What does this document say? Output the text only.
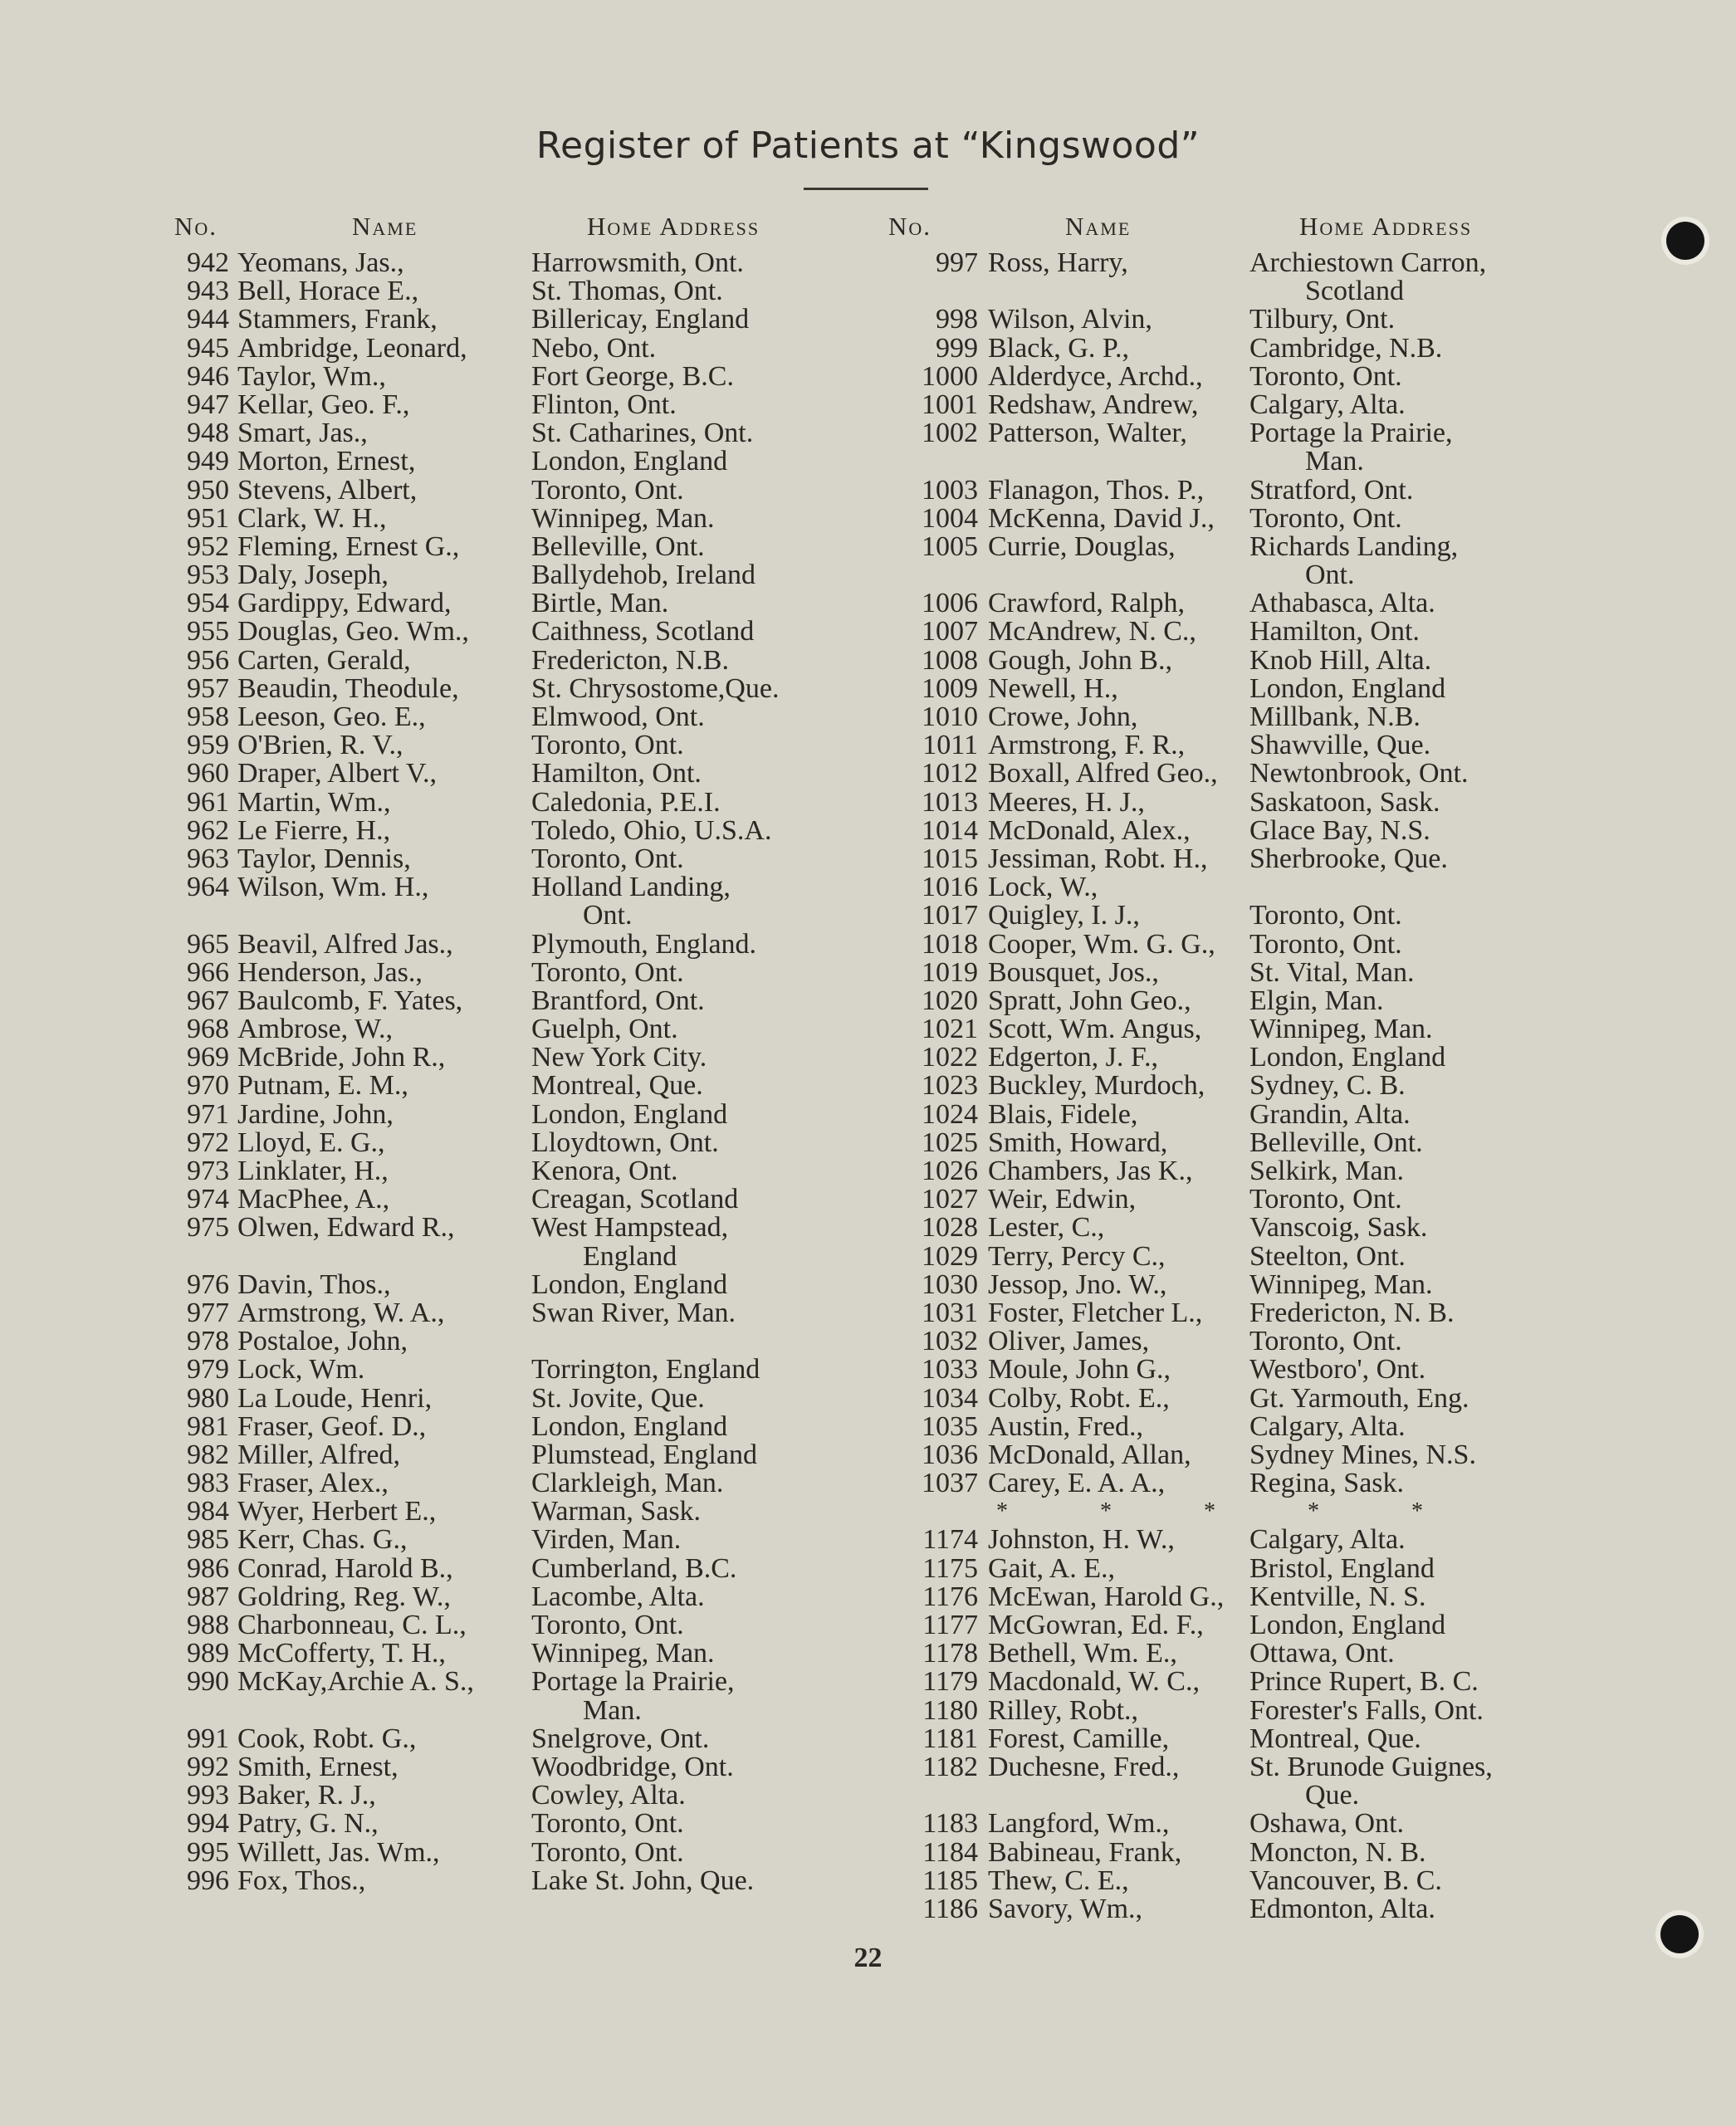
Register of Patients at “Kingswood”
No.	Name	Home Address	No.	Name	Home Address
942 Yeomans, Jas.,	Harrowsmith, Ont.
943 Bell, Horace E.,	St. Thomas, Ont.
944 Stammers, Frank,	Billericay, England
945 Ambridge, Leonard, Nebo, Ont.
946 Taylor, Wm.,	Fort George, B.C.
947 Kellar, Geo. F.,	Flinton, Ont.
948 Smart, Jas.,	St. Catharines, Ont.
949 Morton, Ernest,	London, England
950 Stevens, Albert,	Toronto, Ont.
951 Clark, W. H.,	Winnipeg, Man.
952 Fleming, Ernest G.,	Belleville, Ont.
953 Daly, Joseph,	Ballydehob, Ireland
954 Gardippy, Edward,	Birtle, Man.
955 Douglas, Geo. Wm., Caithness, Scotland
956 Carten, Gerald,	Fredericton, N.B.
957 Beaudin, Theodule,	St. Chrysostome,Que.
958 Leeson, Geo. E.,	Elmwood, Ont.
959 O'Brien, R. V.,	Toronto, Ont.
960 Draper, Albert V.,	Hamilton, Ont.
961 Martin, Wm.,	Caledonia, P.E.I.
962 Le Fierre, H.,	Toledo, Ohio, U.S.A.
963 Taylor, Dennis,	Toronto, Ont.
964 Wilson, Wm. H.,	Holland Landing,
Ont.
965 Beavil, Alfred Jas.,	Plymouth, England.
966 Henderson, Jas.,	Toronto, Ont.
967 Baulcomb, F. Yates, Brantford, Ont.
968 Ambrose, W.,	Guelph, Ont.
969 McBride, John R.,	New York City.
970 Putnam, E. M.,	Montreal, Que.
971 Jardine, John,	London, England
972 Lloyd, E. G.,	Lloydtown, Ont.
973 Linklater, H.,	Kenora, Ont.
974 MacPhee, A.,	Creagan, Scotland
975 Olwen, Edward R.,	West Hampstead,
England
976 Davin, Thos.,	London, England
977 Armstrong, W. A.,	Swan River, Man.
978 Postaloe, John,
979 Lock, Wm.	Torrington, England
980 La Loude, Henri,	St. Jovite, Que.
981 Fraser, Geof. D.,	London, England
982 Miller, Alfred,	Plumstead, England
983 Fraser, Alex.,	Clarkleigh, Man.
984 Wyer, Herbert E.,	Warman, Sask.
985 Kerr, Chas. G.,	Virden, Man.
986 Conrad, Harold B.,	Cumberland, B.C.
987 Goldring, Reg. W.,	Lacombe, Alta.
988 Charbonneau, C. L., Toronto, Ont.
989 McCofferty, T. H.,	Winnipeg, Man.
990 McKay,Archie A. S., Portage la Prairie,
Man.
991 Cook, Robt. G.,	Snelgrove, Ont.
992 Smith, Ernest,	Woodbridge, Ont.
993 Baker, R. J.,	Cowley, Alta.
994 Patry, G. N.,	Toronto, Ont.
995 Willett, Jas. Wm.,	Toronto, Ont.
996 Fox, Thos.,	Lake St. John, Que.
997 Ross, Harry,	Archiestown Carron,
Scotland
998 Wilson, Alvin,	Tilbury, Ont.
999 Black, G. P.,	Cambridge, N.B.
1000 Alderdyce, Archd., Toronto, Ont.
1001 Redshaw, Andrew, Calgary, Alta.
1002 Patterson, Walter, Portage la Prairie,
Man.
1003 Flanagon, Thos. P., Stratford, Ont.
1004 McKenna, David J., Toronto, Ont.
1005 Currie, Douglas,	Richards Landing,
Ont.
1006 Crawford, Ralph, Athabasca, Alta.
1007 McAndrew, N. C., Hamilton, Ont.
1008 Gough, John B.,	Knob Hill, Alta.
1009 Newell, H.,	London, England
1010 Crowe, John,	Millbank, N.B.
1011 Armstrong, F. R., Shawville, Que.
1012 Boxall, Alfred Geo., Newtonbrook, Ont.
1013 Meeres, H. J.,	Saskatoon, Sask.
1014 McDonald, Alex., Glace Bay, N.S.
1015 Jessiman, Robt. H., Sherbrooke, Que.
1016 Lock, W.,
1017 Quigley, I. J.,	Toronto, Ont.
1018 Cooper, Wm. G. G., Toronto, Ont.
1019 Bousquet, Jos.,	St. Vital, Man.
1020 Spratt, John Geo., Elgin, Man.
1021 Scott, Wm. Angus, Winnipeg, Man.
1022 Edgerton, J. F.,	London, England
1023 Buckley, Murdoch, Sydney, C. B.
1024 Blais, Fidele,	Grandin, Alta.
1025 Smith, Howard,	Belleville, Ont.
1026 Chambers, Jas K., Selkirk, Man.
1027 Weir, Edwin,	Toronto, Ont.
1028 Lester, C.,	Vanscoig, Sask.
1029 Terry, Percy C.,	Steelton, Ont.
1030 Jessop, Jno. W.,	Winnipeg, Man.
1031 Foster, Fletcher L., Fredericton, N. B.
1032 Oliver, James,	Toronto, Ont.
1033 Moule, John G.,	Westboro', Ont.
1034 Colby, Robt. E.,	Gt. Yarmouth, Eng.
1035 Austin, Fred.,	Calgary, Alta.
1036 McDonald, Allan, Sydney Mines, N.S.
1037 Carey, E. A. A.,	Regina, Sask.
* * * * *
1174 Johnston, H. W.,	Calgary, Alta.
1175 Gait, A. E.,	Bristol, England
1176 McEwan, Harold G., Kentville, N. S.
1177 McGowran, Ed. F., London, England
1178 Bethell, Wm. E.,	Ottawa, Ont.
1179 Macdonald, W. C., Prince Rupert, B. C.
1180 Rilley, Robt.,	Forester's Falls, Ont.
1181 Forest, Camille,	Montreal, Que.
1182 Duchesne, Fred., St. Brunode Guignes,
Que.
1183 Langford, Wm.,	Oshawa, Ont.
1184 Babineau, Frank, Moncton, N. B.
1185 Thew, C. E.,	Vancouver, B. C.
1186 Savory, Wm.,	Edmonton, Alta.
22
